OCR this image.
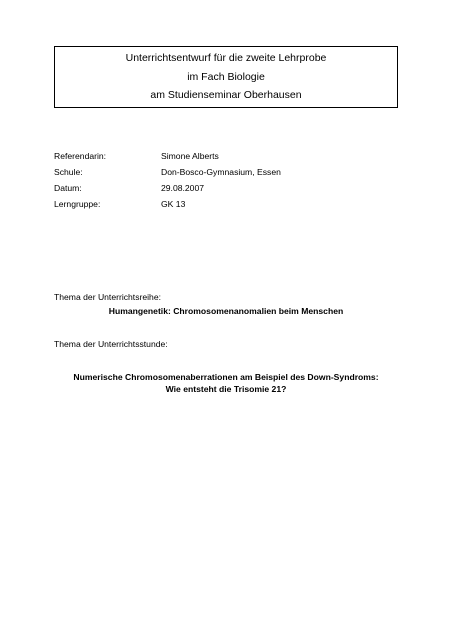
Unterrichtsentwurf für die zweite Lehrprobe
im Fach Biologie
am Studienseminar Oberhausen
Referendarin:	Simone Alberts
Schule:	Don-Bosco-Gymnasium, Essen
Datum:	29.08.2007
Lerngruppe:	GK 13
Thema der Unterrichtsreihe:
Humangenetik: Chromosomenanomalien beim Menschen
Thema der Unterrichtsstunde:
Numerische Chromosomenaberrationen am Beispiel des Down-Syndroms:
Wie entsteht die Trisomie 21?
